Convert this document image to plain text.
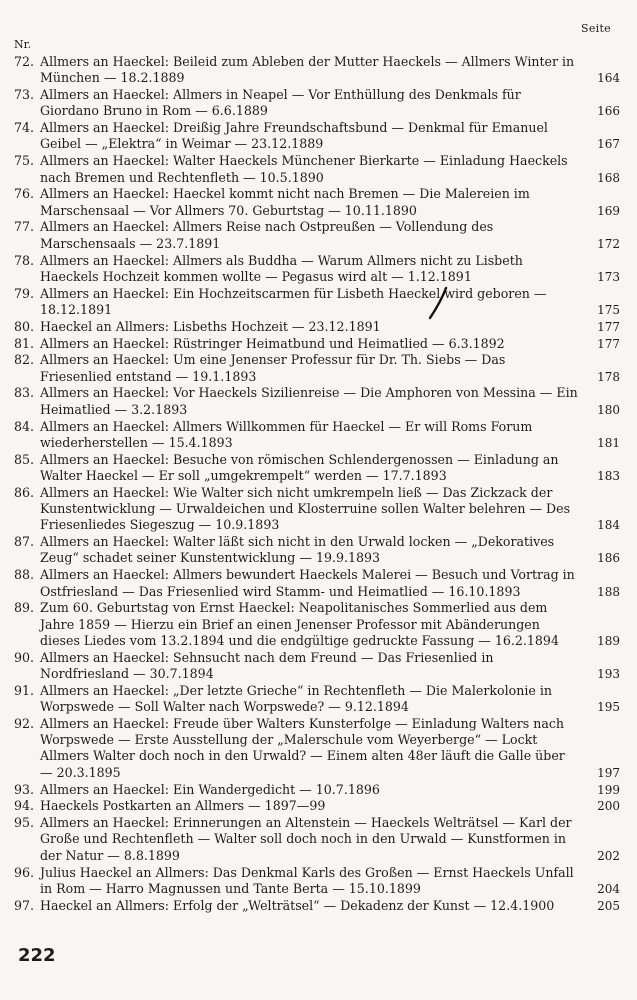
Seite
Nr.
72. Allmers an Haeckel: Beileid zum Ableben der Mutter Haeckels — Allmers Winter in München — 18.2.1889	164
73. Allmers an Haeckel: Allmers in Neapel — Vor Enthüllung des Denkmals für Giordano Bruno in Rom — 6.6.1889	166
74. Allmers an Haeckel: Dreißig Jahre Freundschaftsbund — Denkmal für Emanuel Geibel — „Elektra“ in Weimar — 23.12.1889	167
75. Allmers an Haeckel: Walter Haeckels Münchener Bierkarte — Einladung Haeckels nach Bremen und Rechtenfleth — 10.5.1890	168
76. Allmers an Haeckel: Haeckel kommt nicht nach Bremen — Die Malereien im Marschensaal — Vor Allmers 70. Geburtstag — 10.11.1890	169
77. Allmers an Haeckel: Allmers Reise nach Ostpreußen — Vollendung des Marschensaals — 23.7.1891	172
78. Allmers an Haeckel: Allmers als Buddha — Warum Allmers nicht zu Lisbeth Haeckels Hochzeit kommen wollte — Pegasus wird alt — 1.12.1891	173
79. Allmers an Haeckel: Ein Hochzeitscarmen für Lisbeth Haeckel wird geboren — 18.12.1891	175
80. Haeckel an Allmers: Lisbeths Hochzeit — 23.12.1891	177
81. Allmers an Haeckel: Rüstringer Heimatbund und Heimatlied — 6.3.1892	177
82. Allmers an Haeckel: Um eine Jenenser Professur für Dr. Th. Siebs — Das Friesenlied entstand — 19.1.1893	178
83. Allmers an Haeckel: Vor Haeckels Sizilienreise — Die Amphoren von Messina — Ein Heimatlied — 3.2.1893	180
84. Allmers an Haeckel: Allmers Willkommen für Haeckel — Er will Roms Forum wiederherstellen — 15.4.1893	181
85. Allmers an Haeckel: Besuche von römischen Schlendergenossen — Einladung an Walter Haeckel — Er soll „umgekrempelt“ werden — 17.7.1893	183
86. Allmers an Haeckel: Wie Walter sich nicht umkrempeln ließ — Das Zickzack der Kunstentwicklung — Urwaldeichen und Klosterruine sollen Walter belehren — Des Friesenliedes Siegeszug — 10.9.1893	184
87. Allmers an Haeckel: Walter läßt sich nicht in den Urwald locken — „Dekoratives Zeug“ schadet seiner Kunstentwicklung — 19.9.1893	186
88. Allmers an Haeckel: Allmers bewundert Haeckels Malerei — Besuch und Vortrag in Ostfriesland — Das Friesenlied wird Stamm- und Heimatlied — 16.10.1893	188
89. Zum 60. Geburtstag von Ernst Haeckel: Neapolitanisches Sommerlied aus dem Jahre 1859 — Hierzu ein Brief an einen Jenenser Professor mit Abänderungen dieses Liedes vom 13.2.1894 und die endgültige gedruckte Fassung — 16.2.1894	189
90. Allmers an Haeckel: Sehnsucht nach dem Freund — Das Friesenlied in Nordfriesland — 30.7.1894	193
91. Allmers an Haeckel: „Der letzte Grieche“ in Rechtenfleth — Die Malerkolonie in Worpswede — Soll Walter nach Worpswede? — 9.12.1894	195
92. Allmers an Haeckel: Freude über Walters Kunsterfolge — Einladung Walters nach Worpswede — Erste Ausstellung der „Malerschule vom Weyerberge“ — Lockt Allmers Walter doch noch in den Urwald? — Einem alten 48er läuft die Galle über — 20.3.1895	197
93. Allmers an Haeckel: Ein Wandergedicht — 10.7.1896	199
94. Haeckels Postkarten an Allmers — 1897—99	200
95. Allmers an Haeckel: Erinnerungen an Altenstein — Haeckels Welträtsel — Karl der Große und Rechtenfleth — Walter soll doch noch in den Urwald — Kunstformen in der Natur — 8.8.1899	202
96. Julius Haeckel an Allmers: Das Denkmal Karls des Großen — Ernst Haeckels Unfall in Rom — Harro Magnussen und Tante Berta — 15.10.1899	204
97. Haeckel an Allmers: Erfolg der „Welträtsel“ — Dekadenz der Kunst — 12.4.1900	205
222
